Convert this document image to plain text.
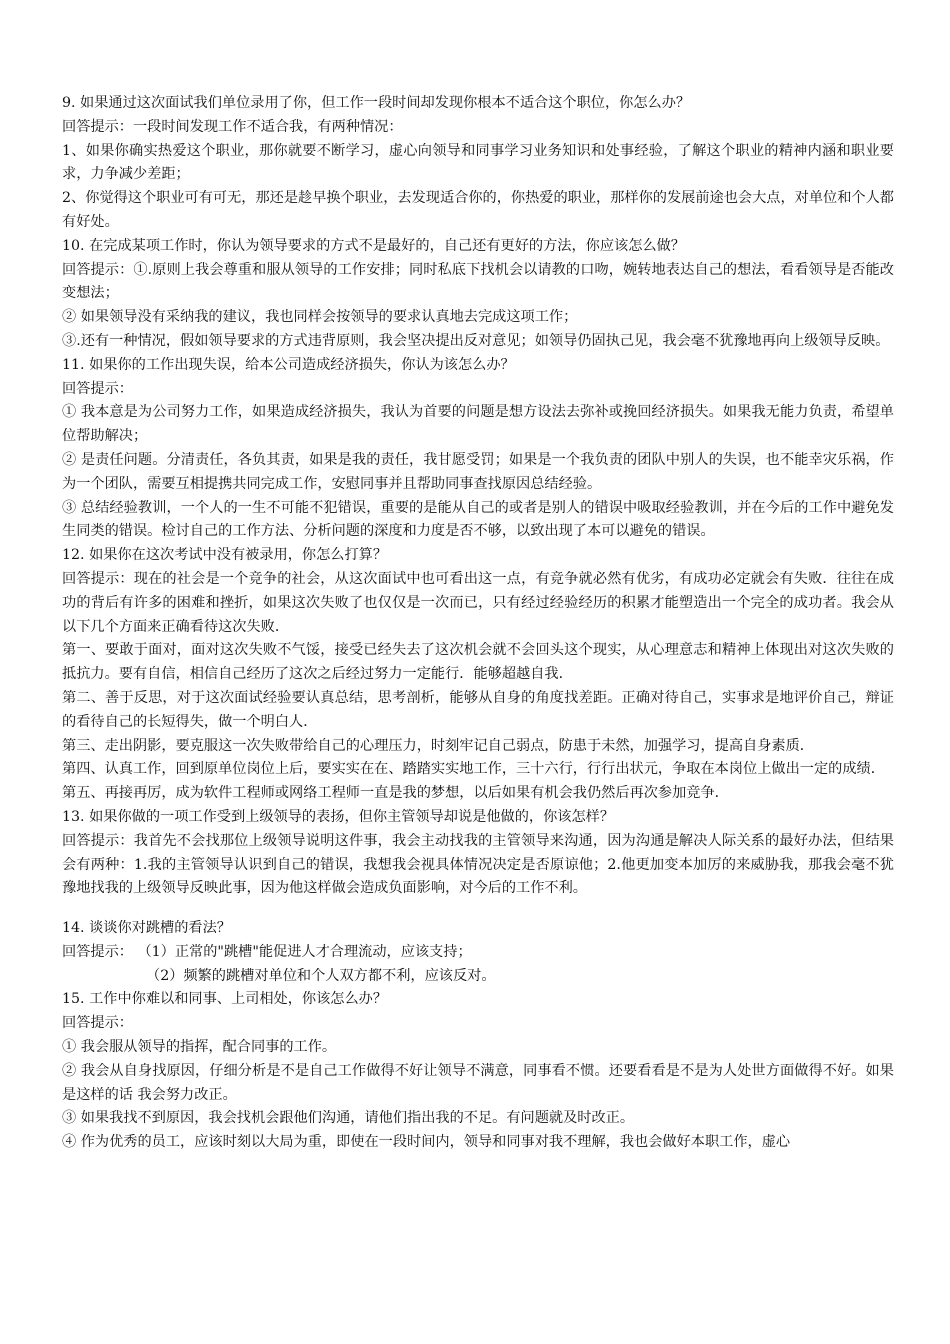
9. 如果通过这次面试我们单位录用了你，但工作一段时间却发现你根本不适合这个职位，你怎么办？

回答提示：一段时间发现工作不适合我，有两种情况：

1、如果你确实热爱这个职业，那你就要不断学习，虚心向领导和同事学习业务知识和处事经验，了解这个职业的精神内涵和职业要求，力争减少差距；

2、你觉得这个职业可有可无，那还是趁早换个职业，去发现适合你的，你热爱的职业，那样你的发展前途也会大点，对单位和个人都有好处。

10. 在完成某项工作时，你认为领导要求的方式不是最好的，自己还有更好的方法，你应该怎么做？

回答提示：①.原则上我会尊重和服从领导的工作安排；同时私底下找机会以请教的口吻，婉转地表达自己的想法，看看领导是否能改变想法；

② 如果领导没有采纳我的建议，我也同样会按领导的要求认真地去完成这项工作；

③.还有一种情况，假如领导要求的方式违背原则，我会坚决提出反对意见；如领导仍固执己见，我会毫不犹豫地再向上级领导反映。

11. 如果你的工作出现失误，给本公司造成经济损失，你认为该怎么办？

回答提示：

① 我本意是为公司努力工作，如果造成经济损失，我认为首要的问题是想方设法去弥补或挽回经济损失。如果我无能力负责，希望单位帮助解决；

② 是责任问题。分清责任，各负其责，如果是我的责任，我甘愿受罚；如果是一个我负责的团队中别人的失误，也不能幸灾乐祸，作为一个团队，需要互相提携共同完成工作，安慰同事并且帮助同事查找原因总结经验。

③ 总结经验教训，一个人的一生不可能不犯错误，重要的是能从自己的或者是别人的错误中吸取经验教训，并在今后的工作中避免发生同类的错误。检讨自己的工作方法、分析问题的深度和力度是否不够，以致出现了本可以避免的错误。

12. 如果你在这次考试中没有被录用，你怎么打算？

回答提示：现在的社会是一个竞争的社会，从这次面试中也可看出这一点，有竞争就必然有优劣，有成功必定就会有失败．往往在成功的背后有许多的困难和挫折，如果这次失败了也仅仅是一次而已，只有经过经验经历的积累才能塑造出一个完全的成功者。我会从以下几个方面来正确看待这次失败．

第一、要敢于面对，面对这次失败不气馁，接受已经失去了这次机会就不会回头这个现实，从心理意志和精神上体现出对这次失败的抵抗力。要有自信，相信自己经历了这次之后经过努力一定能行．能够超越自我．

第二、善于反思，对于这次面试经验要认真总结，思考剖析，能够从自身的角度找差距。正确对待自己，实事求是地评价自己，辩证的看待自己的长短得失，做一个明白人．

第三、走出阴影，要克服这一次失败带给自己的心理压力，时刻牢记自己弱点，防患于未然，加强学习，提高自身素质．

第四、认真工作，回到原单位岗位上后，要实实在在、踏踏实实地工作，三十六行，行行出状元，争取在本岗位上做出一定的成绩．

第五、再接再厉，成为软件工程师或网络工程师一直是我的梦想，以后如果有机会我仍然后再次参加竞争．

13. 如果你做的一项工作受到上级领导的表扬，但你主管领导却说是他做的，你该怎样？

回答提示：我首先不会找那位上级领导说明这件事，我会主动找我的主管领导来沟通，因为沟通是解决人际关系的最好办法，但结果会有两种：1.我的主管领导认识到自己的错误，我想我会视具体情况决定是否原谅他；2.他更加变本加厉的来威胁我，那我会毫不犹豫地找我的上级领导反映此事，因为他这样做会造成负面影响，对今后的工作不利。

14. 谈谈你对跳槽的看法？

回答提示： （1）正常的"跳槽"能促进人才合理流动，应该支持；

（2）频繁的跳槽对单位和个人双方都不利，应该反对。

15. 工作中你难以和同事、上司相处，你该怎么办？

回答提示：

① 我会服从领导的指挥，配合同事的工作。

② 我会从自身找原因，仔细分析是不是自己工作做得不好让领导不满意，同事看不惯。还要看看是不是为人处世方面做得不好。如果是这样的话 我会努力改正。

③ 如果我找不到原因，我会找机会跟他们沟通，请他们指出我的不足。有问题就及时改正。

④ 作为优秀的员工，应该时刻以大局为重，即使在一段时间内，领导和同事对我不理解，我也会做好本职工作，虚心
